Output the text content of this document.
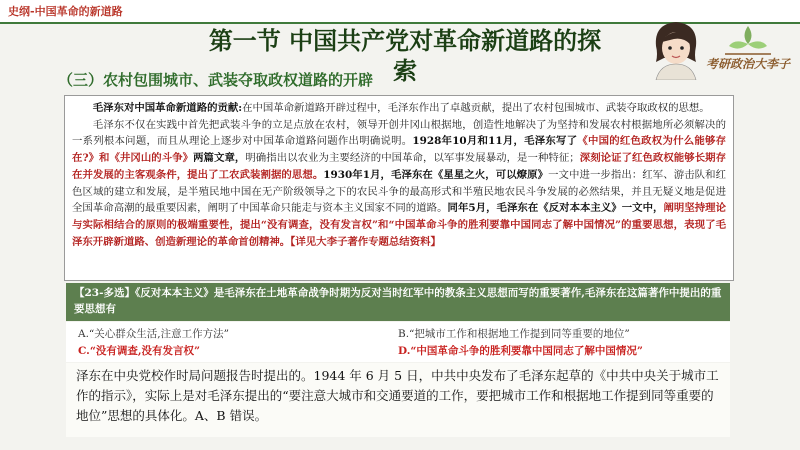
史纲-中国革命的新道路
第一节 中国共产党对革命新道路的探索	考研政治大李子
（三）农村包围城市、武装夺取政权道路的开辟

毛泽东对中国革命新道路的贡献:在中国革命新道路开辟过程中，毛泽东作出了卓越贡献，提出了农村包围城市、武装夺取政权的思想。

毛泽东不仅在实践中首先把武装斗争的立足点放在农村，领导开创井冈山根据地，创造性地解决了为坚持和发展农村根据地所必须解决的一系列根本问题，而且从理论上逐步对中国革命道路问题作出明确说明。1928年10月和11月，毛泽东写了《中国的红色政权为什么能够存在?》和《井冈山的斗争》两篇文章，明确指出以农业为主要经济的中国革命，以军事发展暴动，是一种特征；深刻论证了红色政权能够长期存在并发展的主客观条件，提出了工农武装割据的思想。1930年1月，毛泽东在《星星之火，可以燎原》一文中进一步指出：红军、游击队和红色区域的建立和发展，是半殖民地中国在无产阶级领导之下的农民斗争的最高形式和半殖民地农民斗争发展的必然结果，并且无疑义地是促进全国革命高潮的最重要因素，阐明了中国革命只能走与资本主义国家不同的道路。同年5月，毛泽东在《反对本本主义》一文中，阐明坚持理论与实际相结合的原则的极端重要性，提出“没有调查，没有发言权”和“中国革命斗争的胜利要靠中国同志了解中国情况”的重要思想，表现了毛泽东开辟新道路、创造新理论的革命首创精神。【详见大李子著作专题总结资料】

【23-多选】《反对本本主义》是毛泽东在土地革命战争时期为反对当时红军中的教条主义思想而写的重要著作,毛泽东在这篇著作中提出的重要思想有
A.“关心群众生活,注意工作方法”	B.“把城市工作和根据地工作提到同等重要的地位”
C.“没有调查,没有发言权”	D.“中国革命斗争的胜利要靠中国同志了解中国情况”
泽东在中央党校作时局问题报告时提出的。1944 年 6 月 5 日，中共中央发布了毛泽东起草的《中共中央关于城市工作的指示》，实际上是对毛泽东提出的“要注意大城市和交通要道的工作，要把城市工作和根据地工作提到同等重要的地位”思想的具体化。A、B 错误。
